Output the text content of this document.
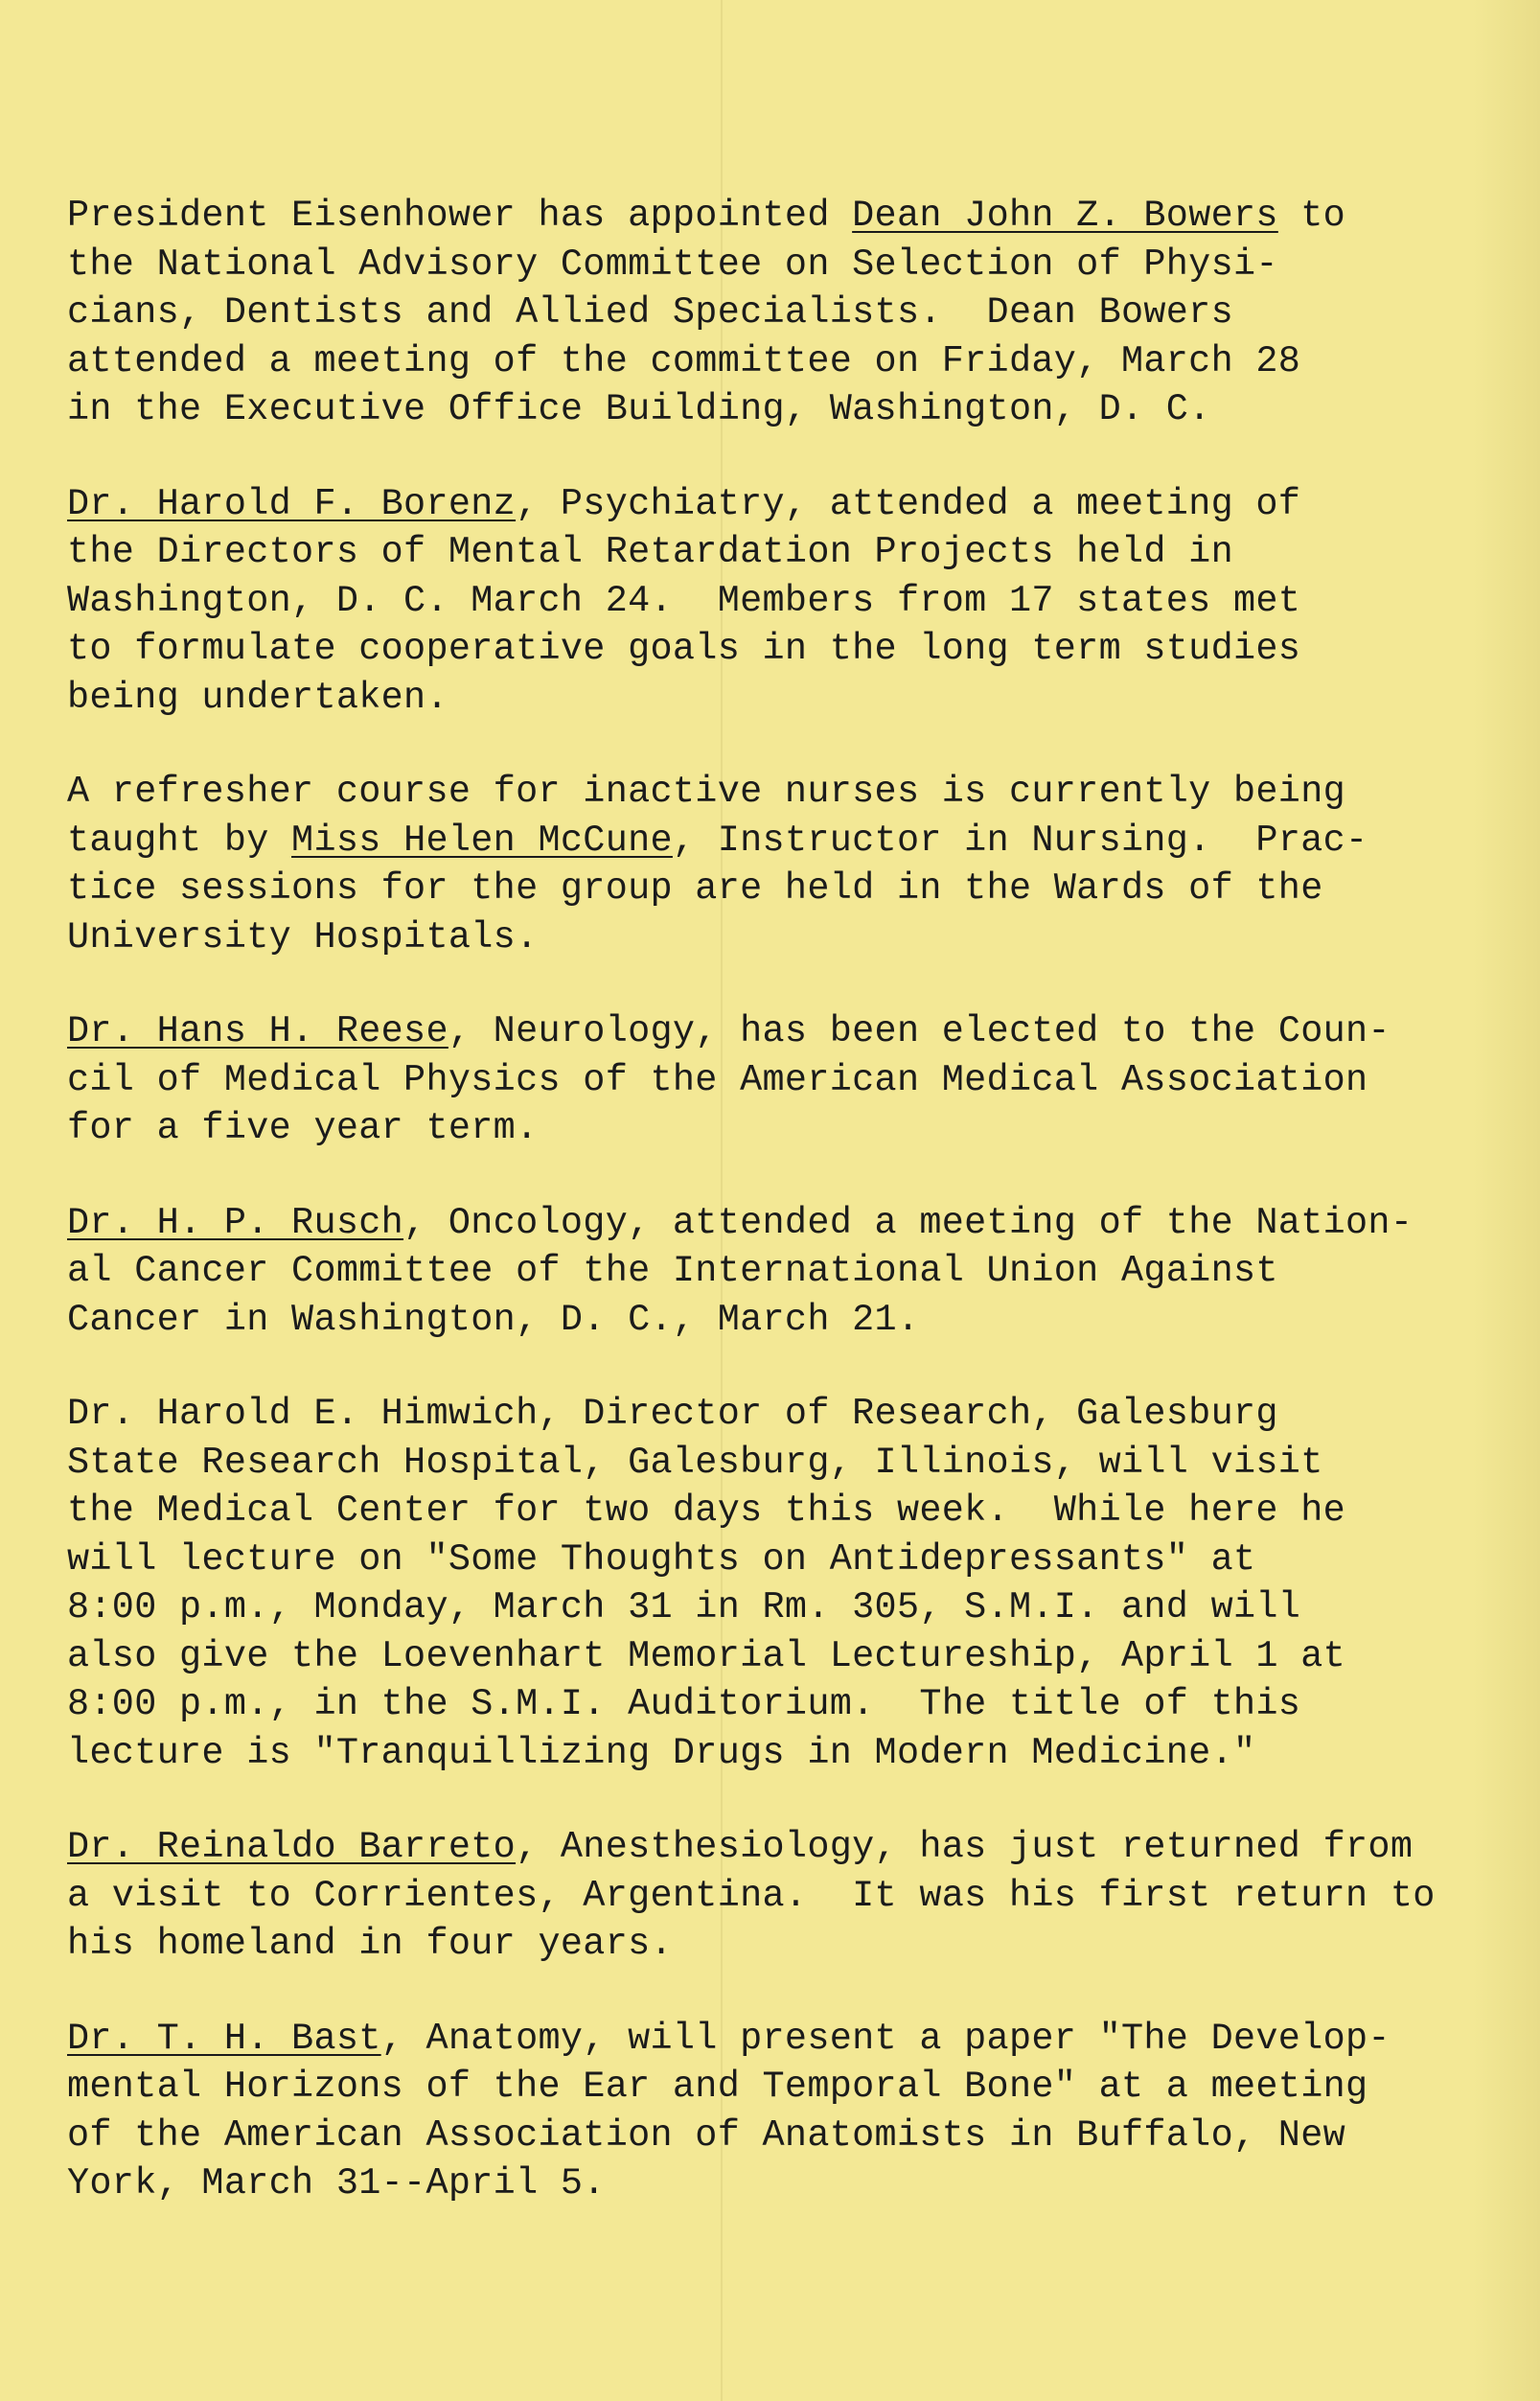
President Eisenhower has appointed Dean John Z. Bowers to
the National Advisory Committee on Selection of Physi-
cians, Dentists and Allied Specialists.  Dean Bowers
attended a meeting of the committee on Friday, March 28
in the Executive Office Building, Washington, D. C.
Dr. Harold F. Borenz, Psychiatry, attended a meeting of
the Directors of Mental Retardation Projects held in
Washington, D. C. March 24.  Members from 17 states met
to formulate cooperative goals in the long term studies
being undertaken.
A refresher course for inactive nurses is currently being
taught by Miss Helen McCune, Instructor in Nursing.  Prac-
tice sessions for the group are held in the Wards of the
University Hospitals.
Dr. Hans H. Reese, Neurology, has been elected to the Coun-
cil of Medical Physics of the American Medical Association
for a five year term.
Dr. H. P. Rusch, Oncology, attended a meeting of the Nation-
al Cancer Committee of the International Union Against
Cancer in Washington, D. C., March 21.
Dr. Harold E. Himwich, Director of Research, Galesburg
State Research Hospital, Galesburg, Illinois, will visit
the Medical Center for two days this week.  While here he
will lecture on "Some Thoughts on Antidepressants" at
8:00 p.m., Monday, March 31 in Rm. 305, S.M.I. and will
also give the Loevenhart Memorial Lectureship, April 1 at
8:00 p.m., in the S.M.I. Auditorium.  The title of this
lecture is "Tranquillizing Drugs in Modern Medicine."
Dr. Reinaldo Barreto, Anesthesiology, has just returned from
a visit to Corrientes, Argentina.  It was his first return to
his homeland in four years.
Dr. T. H. Bast, Anatomy, will present a paper "The Develop-
mental Horizons of the Ear and Temporal Bone" at a meeting
of the American Association of Anatomists in Buffalo, New
York, March 31--April 5.
